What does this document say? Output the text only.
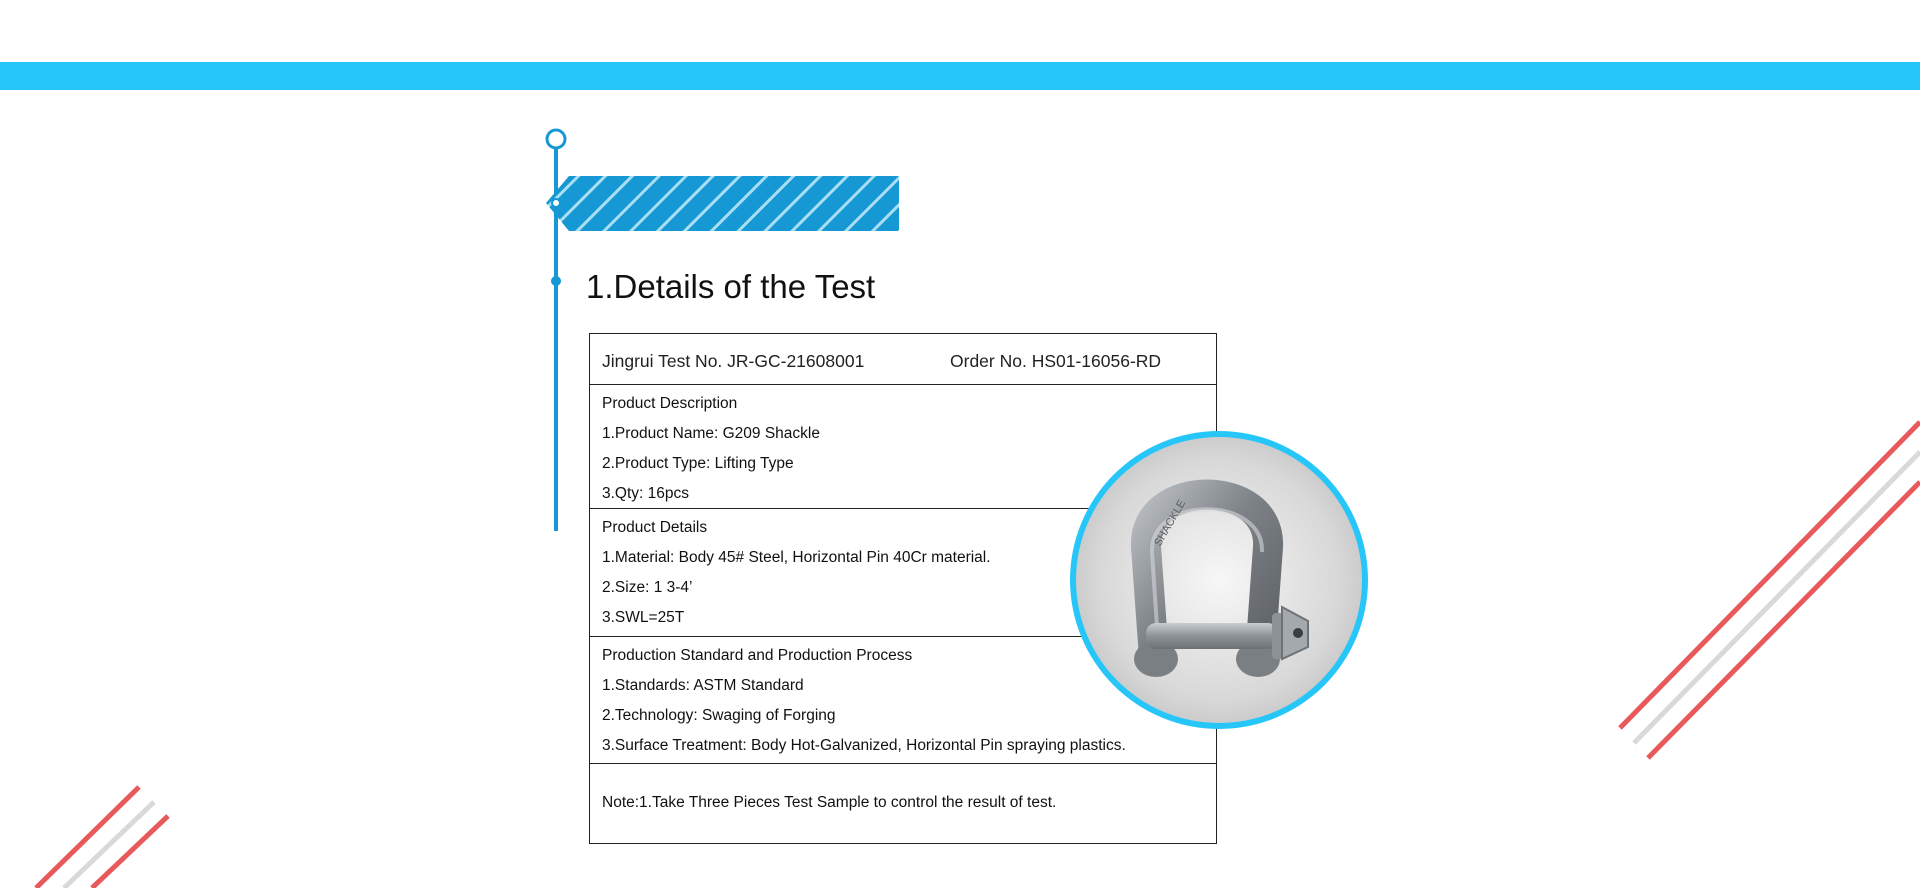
1.Details of the Test
Jingrui Test No. JR-GC-21608001	Order No. HS01-16056-RD
Product Description
1.Product Name: G209 Shackle
2.Product Type: Lifting Type
3.Qty: 16pcs
Product Details
1.Material: Body 45# Steel, Horizontal Pin 40Cr material.
2.Size: 1 3-4’
3.SWL=25T
Production Standard and Production Process
1.Standards: ASTM Standard
2.Technology: Swaging of Forging
3.Surface Treatment: Body Hot-Galvanized, Horizontal Pin spraying plastics.
Note:1.Take Three Pieces Test Sample to control the result of test.
SHACKLE
